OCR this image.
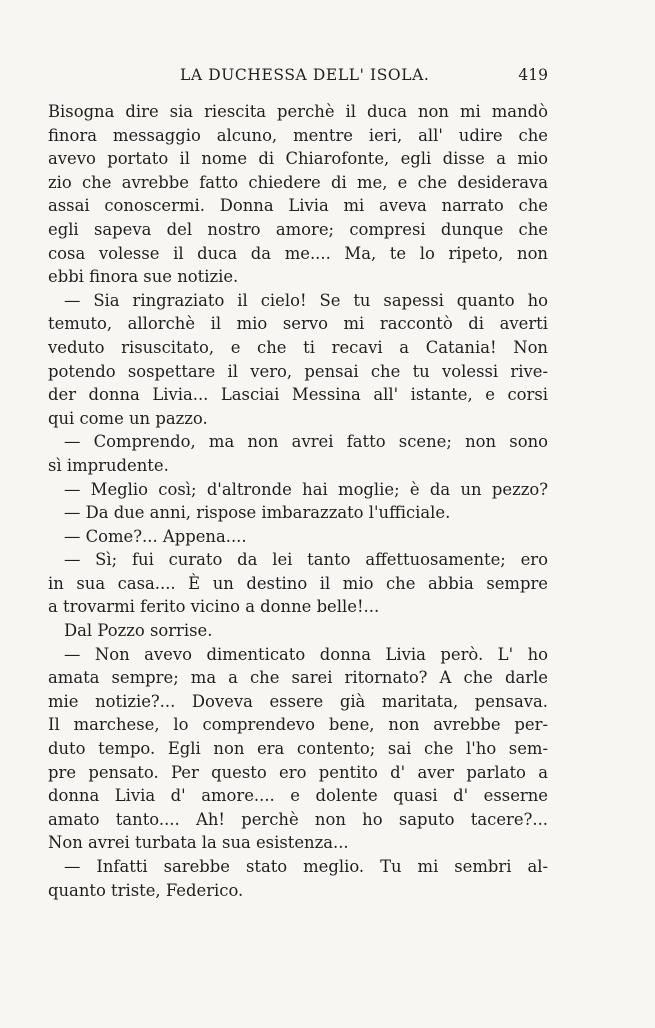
LA DUCHESSA DELL' ISOLA.	419
Bisogna dire sia riescita perchè il duca non mi mandò
finora messaggio alcuno, mentre ieri, all' udire che
avevo portato il nome di Chiarofonte, egli disse a mio
zio che avrebbe fatto chiedere di me, e che desiderava
assai conoscermi. Donna Livia mi aveva narrato che
egli sapeva del nostro amore; compresi dunque che
cosa volesse il duca da me.... Ma, te lo ripeto, non
ebbi finora sue notizie.
— Sia ringraziato il cielo! Se tu sapessi quanto ho
temuto, allorchè il mio servo mi raccontò di averti
veduto risuscitato, e che ti recavi a Catania! Non
potendo sospettare il vero, pensai che tu volessi rive-
der donna Livia... Lasciai Messina all' istante, e corsi
qui come un pazzo.
— Comprendo, ma non avrei fatto scene; non sono
sì imprudente.
— Meglio così; d'altronde hai moglie; è da un pezzo?
— Da due anni, rispose imbarazzato l'ufficiale.
— Come?... Appena....
— Sì; fui curato da lei tanto affettuosamente; ero
in sua casa.... È un destino il mio che abbia sempre
a trovarmi ferito vicino a donne belle!...
Dal Pozzo sorrise.
— Non avevo dimenticato donna Livia però. L' ho
amata sempre; ma a che sarei ritornato? A che darle
mie notizie?... Doveva essere già maritata, pensava.
Il marchese, lo comprendevo bene, non avrebbe per-
duto tempo. Egli non era contento; sai che l'ho sem-
pre pensato. Per questo ero pentito d' aver parlato a
donna Livia d' amore.... e dolente quasi d' esserne
amato tanto.... Ah! perchè non ho saputo tacere?...
Non avrei turbata la sua esistenza...
— Infatti sarebbe stato meglio. Tu mi sembri al-
quanto triste, Federico.
